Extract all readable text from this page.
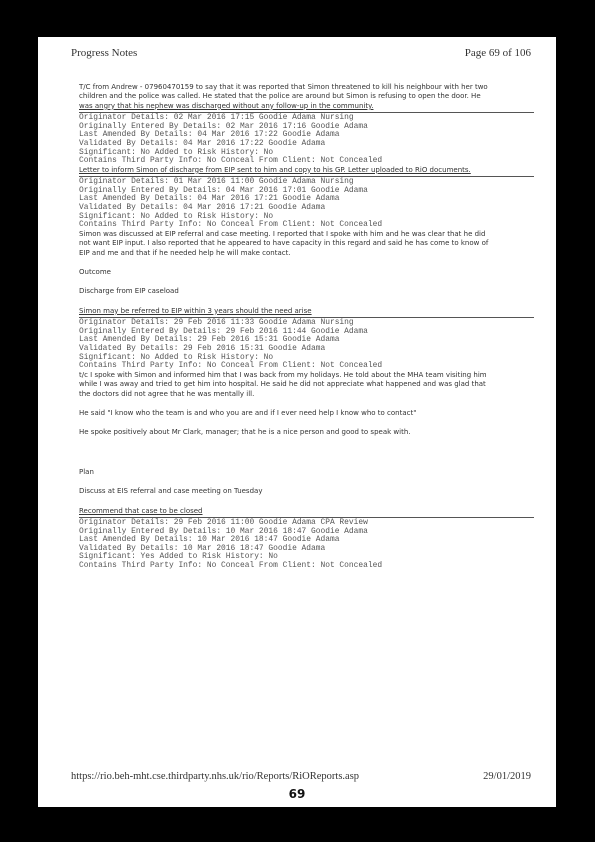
Progress Notes	Page 69 of 106
T/C from Andrew - 07960470159 to say that it was reported that Simon threatened to kill his neighbour with her two
children and the police was called. He stated that the police are around but Simon is refusing to open the door. He
was angry that his nephew was discharged without any follow-up in the community.
Originator Details: 02 Mar 2016 17:15 Goodie Adama Nursing
Originally Entered By Details: 02 Mar 2016 17:16 Goodie Adama
Last Amended By Details: 04 Mar 2016 17:22 Goodie Adama
Validated By Details: 04 Mar 2016 17:22 Goodie Adama
Significant: No Added to Risk History: No
Contains Third Party Info: No Conceal From Client: Not Concealed
Letter to inform Simon of discharge from EIP sent to him and copy to his GP. Letter uploaded to RiO documents.
Originator Details: 01 Mar 2016 11:00 Goodie Adama Nursing
Originally Entered By Details: 04 Mar 2016 17:01 Goodie Adama
Last Amended By Details: 04 Mar 2016 17:21 Goodie Adama
Validated By Details: 04 Mar 2016 17:21 Goodie Adama
Significant: No Added to Risk History: No
Contains Third Party Info: No Conceal From Client: Not Concealed
Simon was discussed at EIP referral and case meeting. I reported that I spoke with him and he was clear that he did
not want EIP input. I also reported that he appeared to have capacity in this regard and said he has come to know of
EIP and me and that if he needed help he will make contact.
Outcome
Discharge from EIP caseload
Simon may be referred to EIP within 3 years should the need arise
Originator Details: 29 Feb 2016 11:33 Goodie Adama Nursing
Originally Entered By Details: 29 Feb 2016 11:44 Goodie Adama
Last Amended By Details: 29 Feb 2016 15:31 Goodie Adama
Validated By Details: 29 Feb 2016 15:31 Goodie Adama
Significant: No Added to Risk History: No
Contains Third Party Info: No Conceal From Client: Not Concealed
t/c I spoke with Simon and informed him that I was back from my holidays. He told about the MHA team visiting him
while I was away and tried to get him into hospital. He said he did not appreciate what happened and was glad that
the doctors did not agree that he was mentally ill.
He said "I know who the team is and who you are and if I ever need help I know who to contact"
He spoke positively about Mr Clark, manager; that he is a nice person and good to speak with.
Plan
Discuss at EIS referral and case meeting on Tuesday
Recommend that case to be closed
Originator Details: 29 Feb 2016 11:00 Goodie Adama CPA Review
Originally Entered By Details: 10 Mar 2016 18:47 Goodie Adama
Last Amended By Details: 10 Mar 2016 18:47 Goodie Adama
Validated By Details: 10 Mar 2016 18:47 Goodie Adama
Significant: Yes Added to Risk History: No
Contains Third Party Info: No Conceal From Client: Not Concealed
https://rio.beh-mht.cse.thirdparty.nhs.uk/rio/Reports/RiOReports.asp	29/01/2019
69
